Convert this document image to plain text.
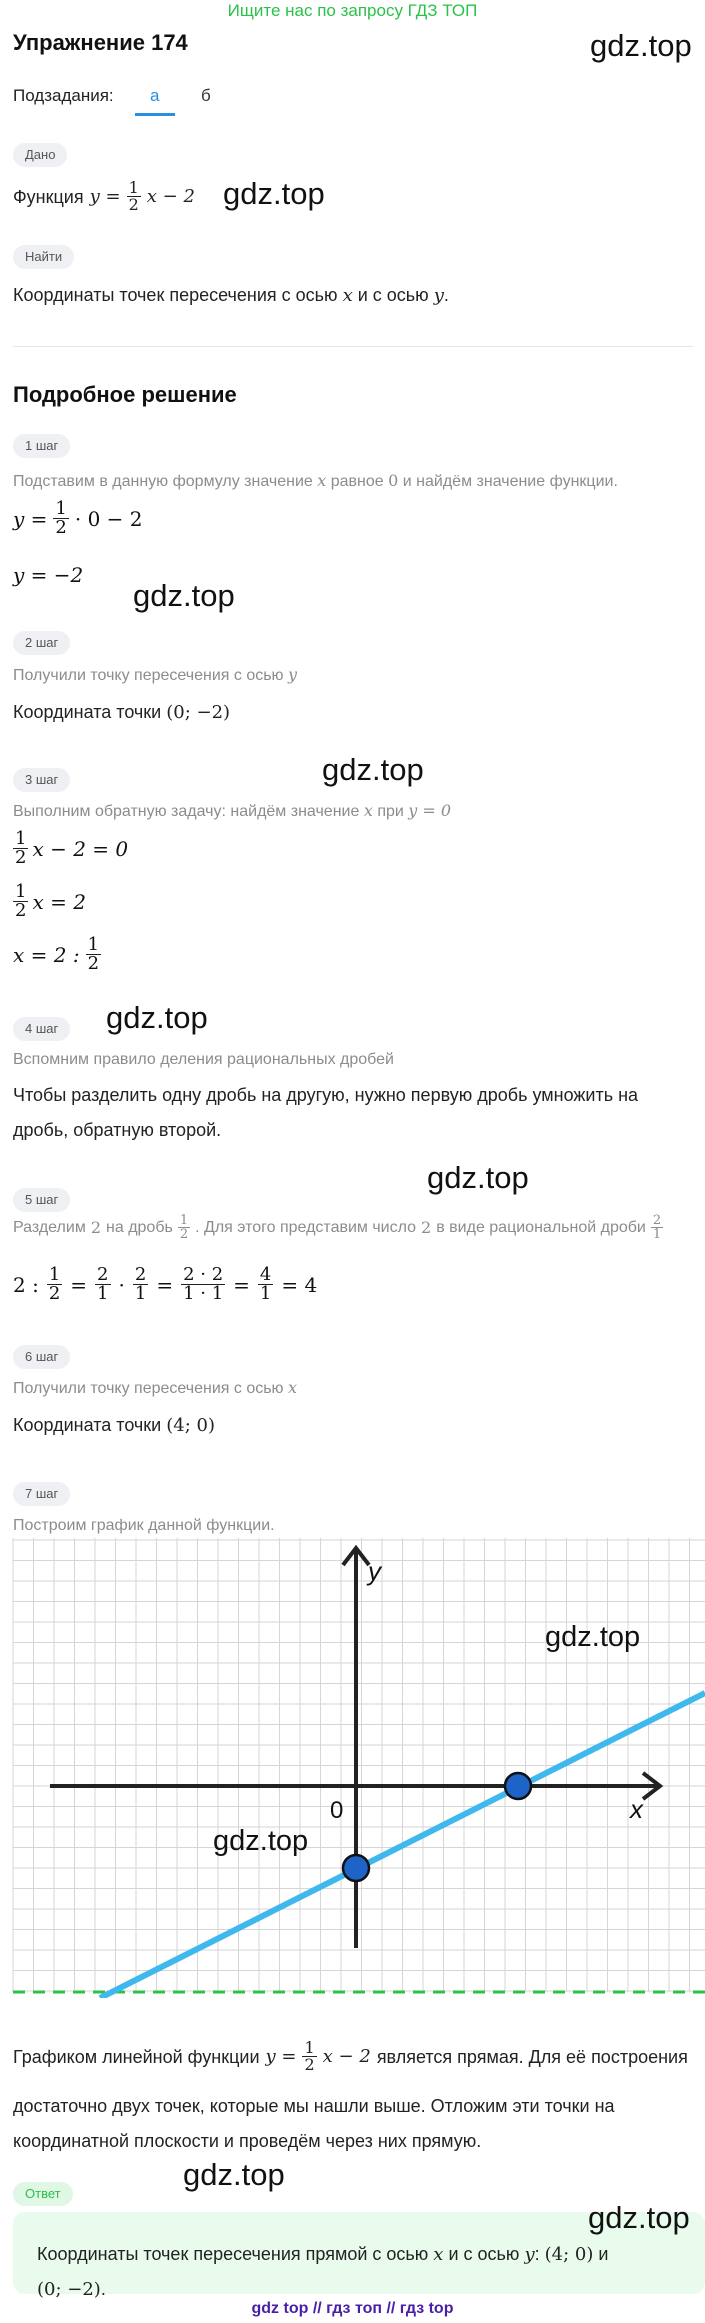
Ищите нас по запросу ГДЗ ТОП
Упражнение 174	gdz.top
Подзадания: а б
Дано
Функция $y = \frac{1}{2}$ x − 2 gdz.top
Найти
Координаты точек пересечения с осью x и с осью y.
Подробное решение
1 шаг
Подставим в данную формулу значение x равное 0 и найдём значение функции.
$y = \frac{1}{2} \cdot 0 - 2$
y = −2
gdz.top
2 шаг
Получили точку пересечения с осью y
Координата точки (0; −2)
gdz.top
3 шаг
Выполним обратную задачу: найдём значение x при y = 0
$\frac{1}{2}$ x − 2 = 0
$\frac{1}{2}$ x = 2
x = 2 : $\frac{1}{2}$
4 шаг	gdz.top
Вспомним правило деления рациональных дробей
Чтобы разделить одну дробь на другую, нужно первую дробь умножить на
дробь, обратную второй.
gdz.top
5 шаг
Разделим 2 на дробь $\frac{1}{2}$ . Для этого представим число 2 в виде рациональной дроби $\frac{2}{1}$
2 : $\frac{1}{2} = \frac{2}{1} \cdot \frac{2}{1} = \frac{2 \cdot 2}{1 \cdot 1} = \frac{4}{1} = 4$
6 шаг
Получили точку пересечения с осью x
Координата точки (4; 0)
7 шаг
Построим график данной функции.
x
y
0
gdz.top
gdz.top
Графиком линейной функции $y = \frac{1}{2}$ x − 2 является прямая. Для её построения
достаточно двух точек, которые мы нашли выше. Отложим эти точки на
координатной плоскости и проведём через них прямую.
gdz.top
Ответ
gdz.top
Координаты точек пересечения прямой с осью x и с осью y: (4; 0) и
(0; −2).
gdz top // гдз топ // гдз top
